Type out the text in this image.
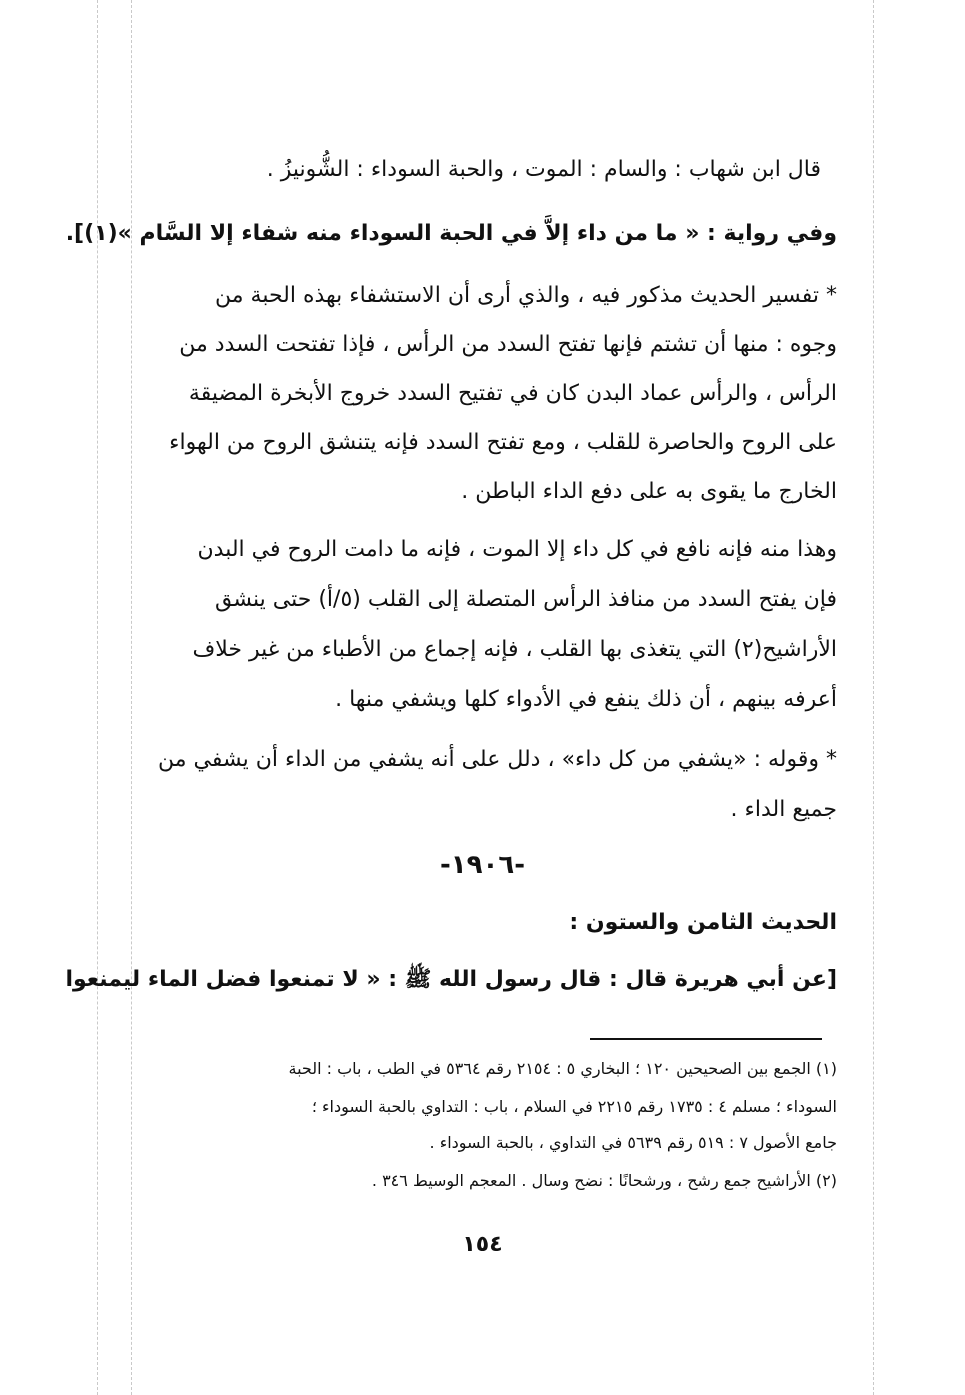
قال ابن شهاب : والسام : الموت ، والحبة السوداء : الشُّونيزُ .
وفي رواية : « ما من داء إلاَّ في الحبة السوداء منه شفاء إلا السَّام »(١)].
* تفسير الحديث مذكور فيه ، والذي أرى أن الاستشفاء بهذه الحبة من
وجوه : منها أن تشتم فإنها تفتح السدد من الرأس ، فإذا تفتحت السدد من
الرأس ، والرأس عماد البدن كان في تفتيح السدد خروج الأبخرة المضيقة
على الروح والحاصرة للقلب ، ومع تفتح السدد فإنه يتنشق الروح من الهواء
الخارج ما يقوى به على دفع الداء الباطن .
وهذا منه فإنه نافع في كل داء إلا الموت ، فإنه ما دامت الروح في البدن
فإن يفتح السدد من منافذ الرأس المتصلة إلى القلب (٥/أ) حتى ينشق
الأراشيح(٢) التي يتغذى بها القلب ، فإنه إجماع من الأطباء من غير خلاف
أعرفه بينهم ، أن ذلك ينفع في الأدواء كلها ويشفي منها .
* وقوله : «يشفي من كل داء» ، دلل على أنه يشفي من الداء أن يشفي من
جميع الداء .
-١٩٠٦-
الحديث الثامن والستون :
[عن أبي هريرة قال : قال رسول الله ﷺ : « لا تمنعوا فضل الماء ليمنعوا
(١) الجمع بين الصحيحين ١٢٠ ؛ البخاري ٥ : ٢١٥٤ رقم ٥٣٦٤ في الطب ، باب : الحبة
السوداء ؛ مسلم ٤ : ١٧٣٥ رقم ٢٢١٥ في السلام ، باب : التداوي بالحبة السوداء ؛
جامع الأصول ٧ : ٥١٩ رقم ٥٦٣٩ في التداوي ، بالحبة السوداء .
(٢) الأراشيح جمع رشح ، ورشحانًا : نضح وسال . المعجم الوسيط ٣٤٦ .
١٥٤
